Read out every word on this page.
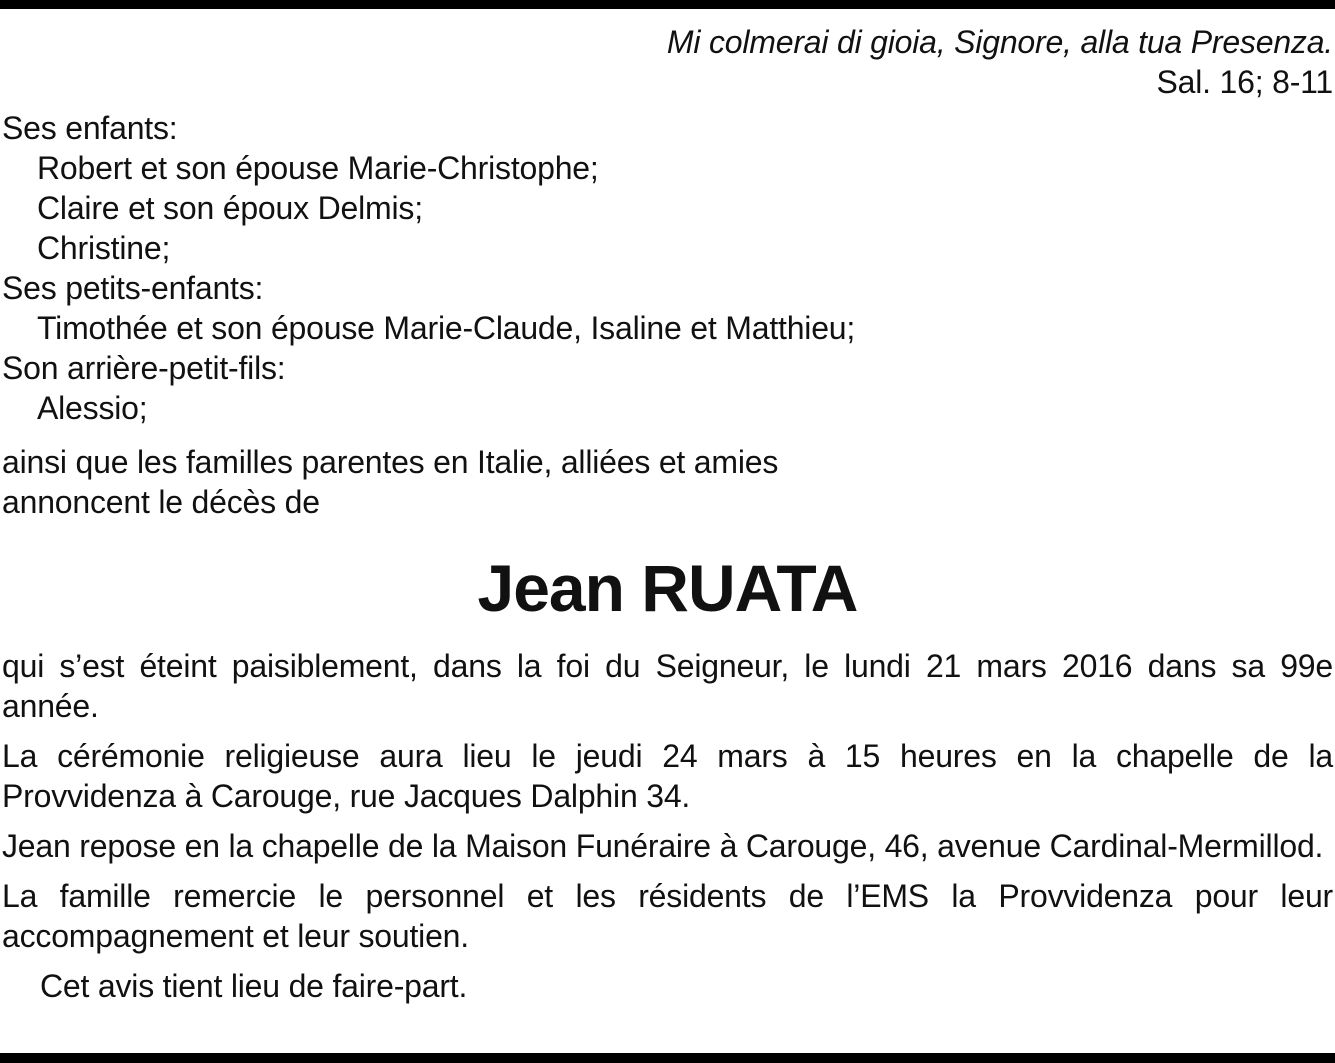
Mi colmerai di gioia, Signore, alla tua Presenza.
Sal. 16; 8-11
Ses enfants:
Robert et son épouse Marie-Christophe;
Claire et son époux Delmis;
Christine;
Ses petits-enfants:
Timothée et son épouse Marie-Claude, Isaline et Matthieu;
Son arrière-petit-fils:
Alessio;
ainsi que les familles parentes en Italie, alliées et amies
annoncent le décès de
Jean RUATA
qui s’est éteint paisiblement, dans la foi du Seigneur, le lundi 21 mars 2016 dans sa 99e année.
La cérémonie religieuse aura lieu le jeudi 24 mars à 15 heures en la chapelle de la Provvidenza à Carouge, rue Jacques Dalphin 34.
Jean repose en la chapelle de la Maison Funéraire à Carouge, 46, avenue Cardinal-Mermillod.
La famille remercie le personnel et les résidents de l’EMS la Provvidenza pour leur accompagnement et leur soutien.
Cet avis tient lieu de faire-part.
